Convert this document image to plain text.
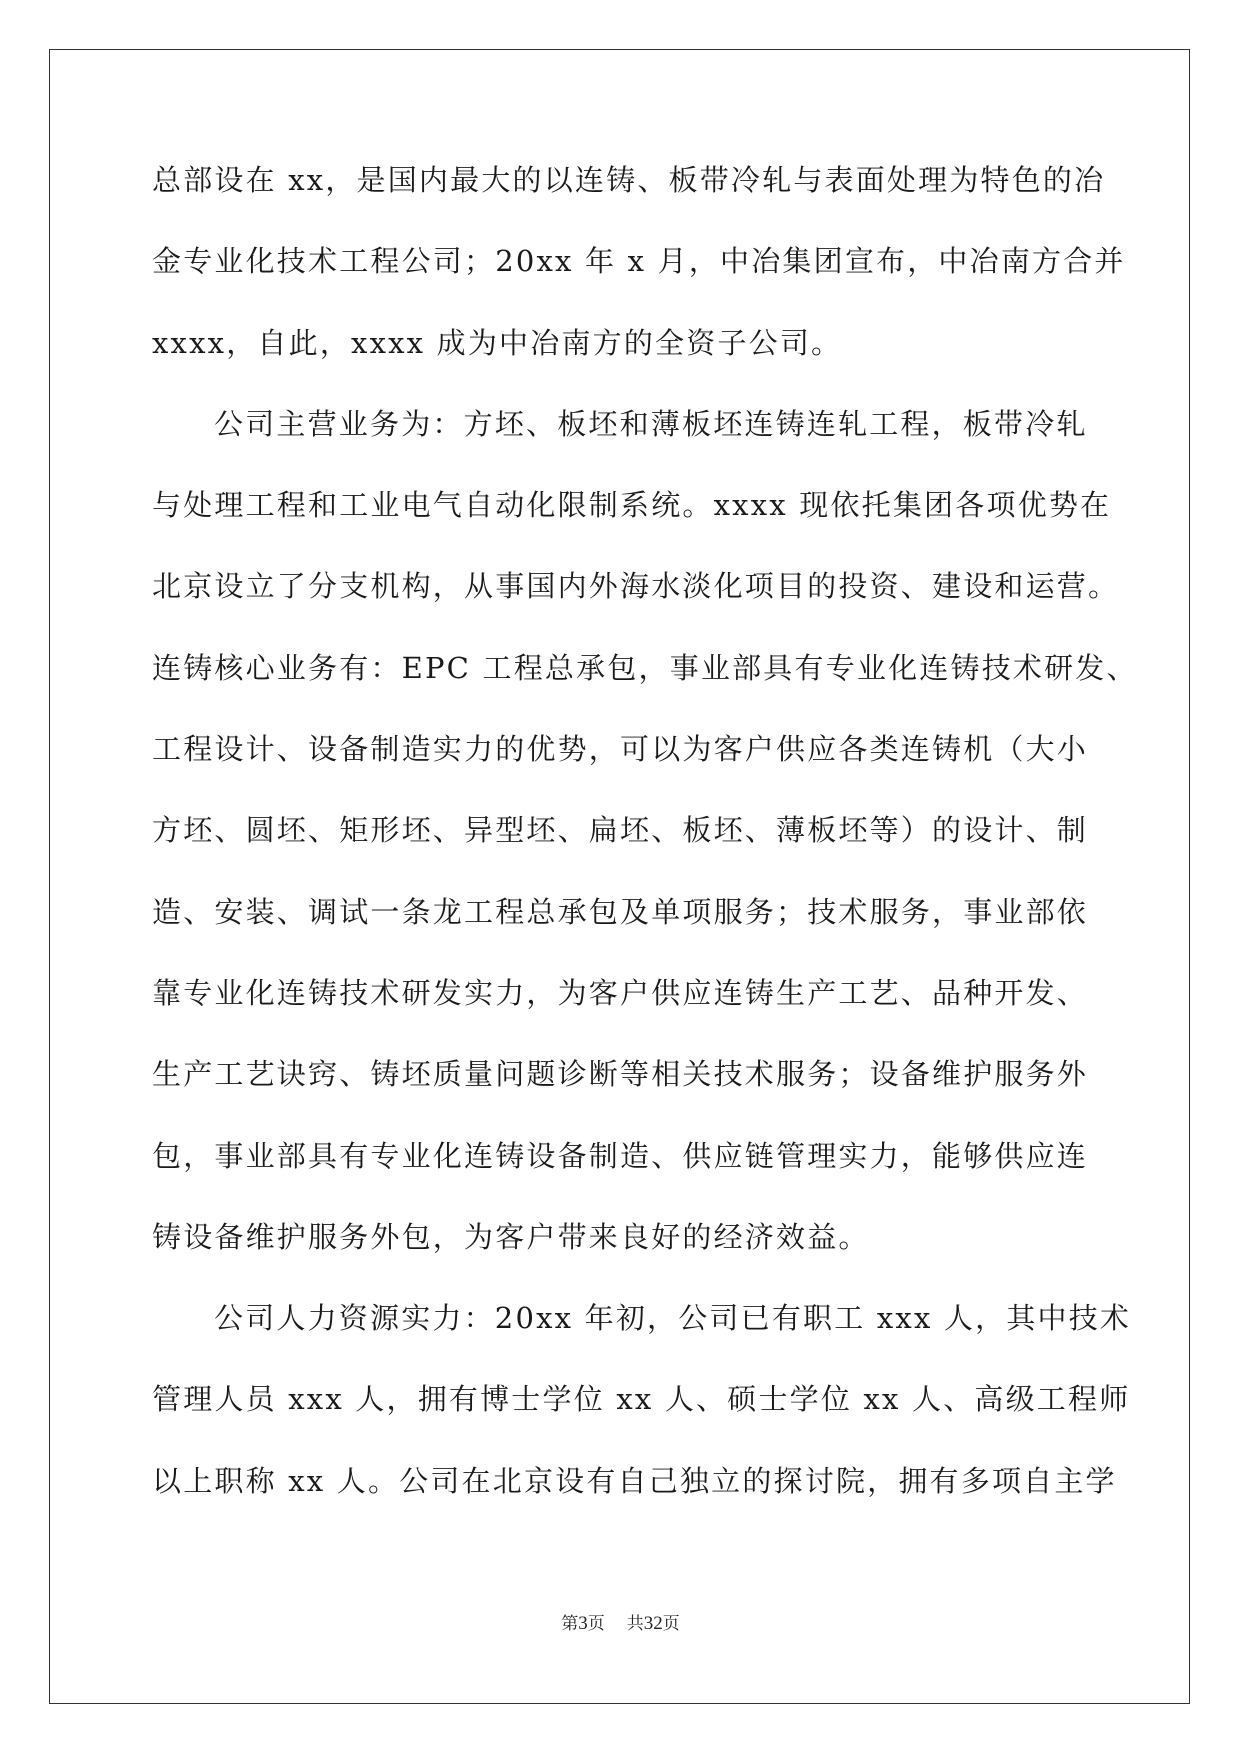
总部设在 xx，是国内最大的以连铸、板带冷轧与表面处理为特色的冶
金专业化技术工程公司；20xx 年 x 月，中冶集团宣布，中冶南方合并
xxxx，自此，xxxx 成为中冶南方的全资子公司。
公司主营业务为：方坯、板坯和薄板坯连铸连轧工程，板带冷轧
与处理工程和工业电气自动化限制系统。xxxx 现依托集团各项优势在
北京设立了分支机构，从事国内外海水淡化项目的投资、建设和运营。
连铸核心业务有：EPC 工程总承包，事业部具有专业化连铸技术研发、
工程设计、设备制造实力的优势，可以为客户供应各类连铸机（大小
方坯、圆坯、矩形坯、异型坯、扁坯、板坯、薄板坯等）的设计、制
造、安装、调试一条龙工程总承包及单项服务；技术服务，事业部依
靠专业化连铸技术研发实力，为客户供应连铸生产工艺、品种开发、
生产工艺诀窍、铸坯质量问题诊断等相关技术服务；设备维护服务外
包，事业部具有专业化连铸设备制造、供应链管理实力，能够供应连
铸设备维护服务外包，为客户带来良好的经济效益。
公司人力资源实力：20xx 年初，公司已有职工 xxx 人，其中技术
管理人员 xxx 人，拥有博士学位 xx 人、硕士学位 xx 人、高级工程师
以上职称 xx 人。公司在北京设有自己独立的探讨院，拥有多项自主学
第3页 共32页
